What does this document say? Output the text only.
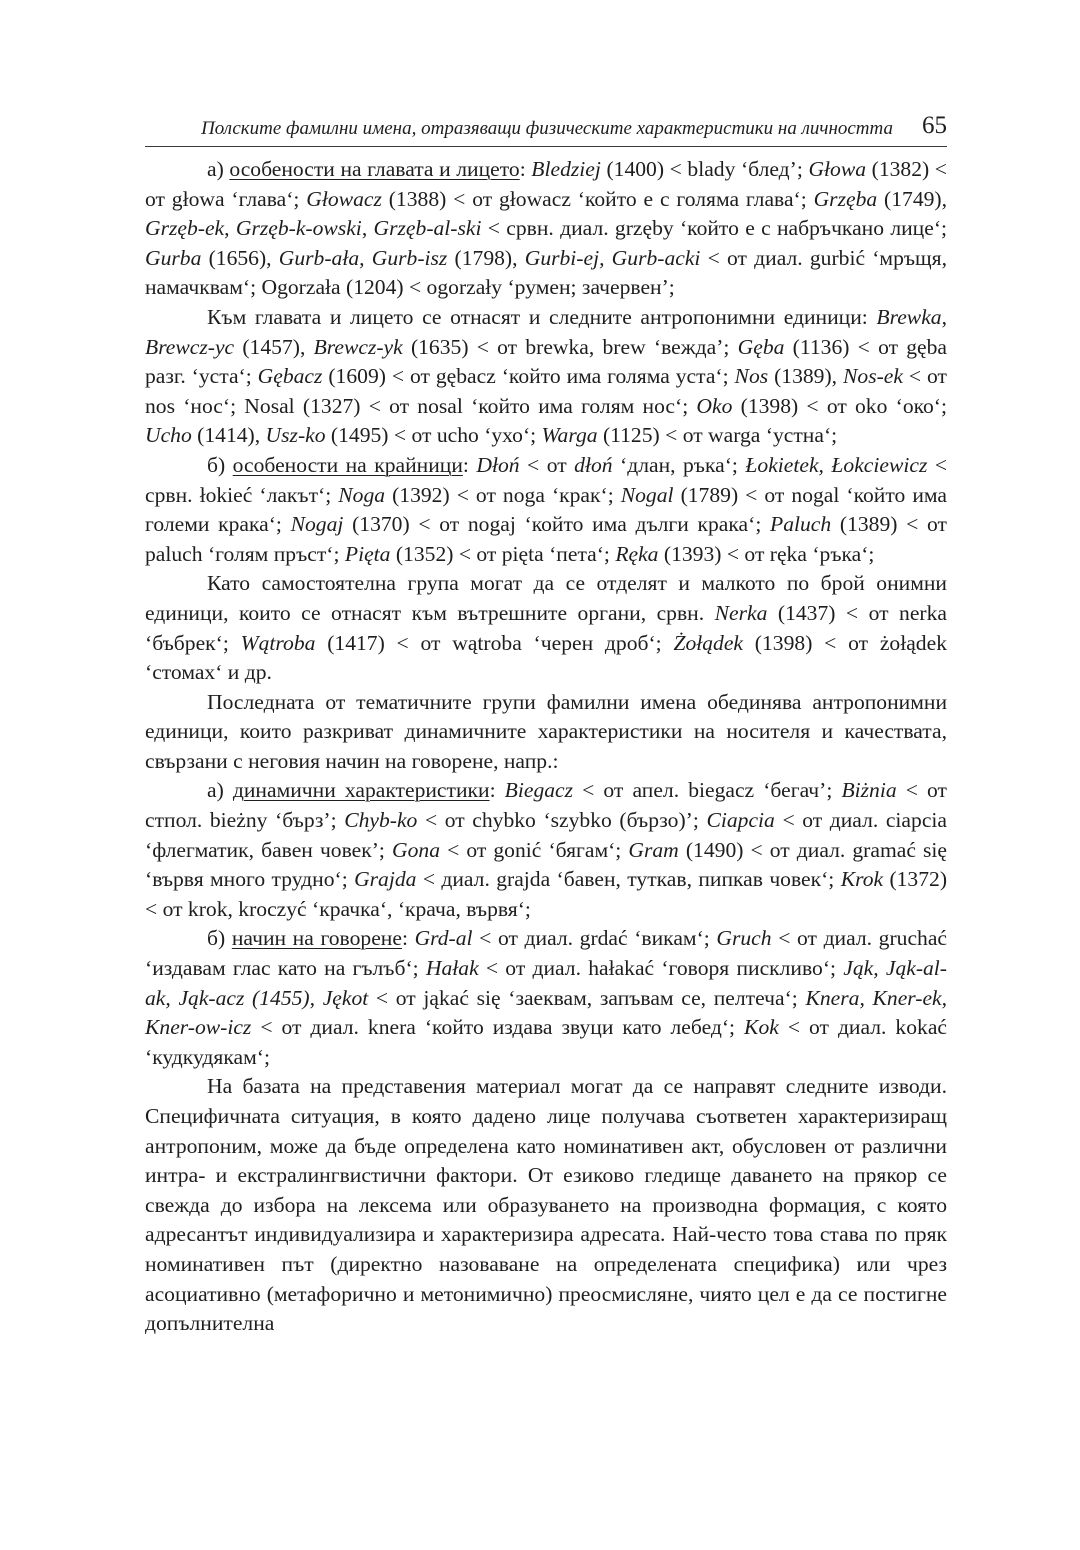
Полските фамилни имена, отразяващи физическите характеристики на личността 65

а) особености на главата и лицето: Bledziej (1400) < blady ‘блед’; Głowa (1382) < от głowa ‘глава‘; Głowacz (1388) < от głowacz ‘който е с голяма глава‘; Grzęba (1749), Grzęb-ek, Grzęb-k-owski, Grzęb-al-ski < срвн. диал. grzęby ‘който е с набръчкано лице‘; Gurba (1656), Gurb-ała, Gurb-isz (1798), Gurbi-ej, Gurb-acki < от диал. gurbić ‘мръщя, намачквам‘; Ogorzała (1204) < ogorzały ‘румен; зачервен’;

Към главата и лицето се отнасят и следните антропонимни единици: Brewka, Brewcz-yc (1457), Brewcz-yk (1635) < от brewka, brew ‘вежда’; Gęba (1136) < от gęba разг. ‘уста‘; Gębacz (1609) < от gębacz ‘който има голяма уста‘; Nos (1389), Nos-ek < от nos ‘нос‘; Nosal (1327) < от nosal ‘който има голям нос‘; Oko (1398) < от oko ‘око‘; Ucho (1414), Usz-ko (1495) < от ucho ‘ухо‘; Warga (1125) < от warga ‘устна‘;

б) особености на крайници: Dłoń < от dłoń ‘длан, ръка‘; Łokietek, Łokciewicz < срвн. łokieć ‘лакът‘; Noga (1392) < от noga ‘крак‘; Nogal (1789) < от nogal ‘който има големи крака‘; Nogaj (1370) < от nogaj ‘който има дълги крака‘; Paluch (1389) < от paluch ‘голям пръст‘; Pięta (1352) < от pięta ‘пета‘; Ręka (1393) < от ręka ‘ръка‘;

Като самостоятелна група могат да се отделят и малкото по брой онимни единици, които се отнасят към вътрешните органи, срвн. Nerka (1437) < от nerka ‘бъбрек‘; Wątroba (1417) < от wątroba ‘черен дроб‘; Żołądek (1398) < от żołądek ‘стомах‘ и др.

Последната от тематичните групи фамилни имена обединява антропонимни единици, които разкриват динамичните характеристики на носителя и качествата, свързани с неговия начин на говорене, напр.:

а) динамични характеристики: Biegacz < от апел. biegacz ‘бегач’; Biżnia < от стпол. bieżny ‘бърз’; Chyb-ko < от chybko ‘szybko (бързо)’; Ciapcia < от диал. ciapcia ‘флегматик, бавен човек’; Gona < от gonić ‘бягам‘; Gram (1490) < от диал. gramać się ‘вървя много трудно‘; Grajda < диал. grajda ‘бавен, туткав, пипкав човек‘; Krok (1372) < от krok, kroczyć ‘крачка‘, ‘крача, вървя‘;

б) начин на говорене: Grd-al < от диал. grdać ‘викам‘; Gruch < от диал. gruchać ‘издавам глас като на гълъб‘; Hałak < от диал. hałakać ‘говоря пискливо‘; Jąk, Jąk-al-ak, Jąk-acz (1455), Jękot < от jąkać się ‘заеквам, запъвам се, пелтеча‘; Knera, Kner-ek, Kner-ow-icz < от диал. knera ‘който издава звуци като лебед‘; Kok < от диал. kokać ‘кудкудякам‘;

На базата на представения материал могат да се направят следните изводи. Специфичната ситуация, в която дадено лице получава съответен характеризиращ антропоним, може да бъде определена като номинативен акт, обусловен от различни интра- и екстралингвистични фактори. От езиково гледище даването на прякор се свежда до избора на лексема или образуването на производна формация, с която адресантът индивидуализира и характеризира адресата. Най-често това става по пряк номинативен път (директно назоваване на определената специфика) или чрез асоциативно (метафорично и метонимично) преосмисляне, чиято цел е да се постигне допълнителна
